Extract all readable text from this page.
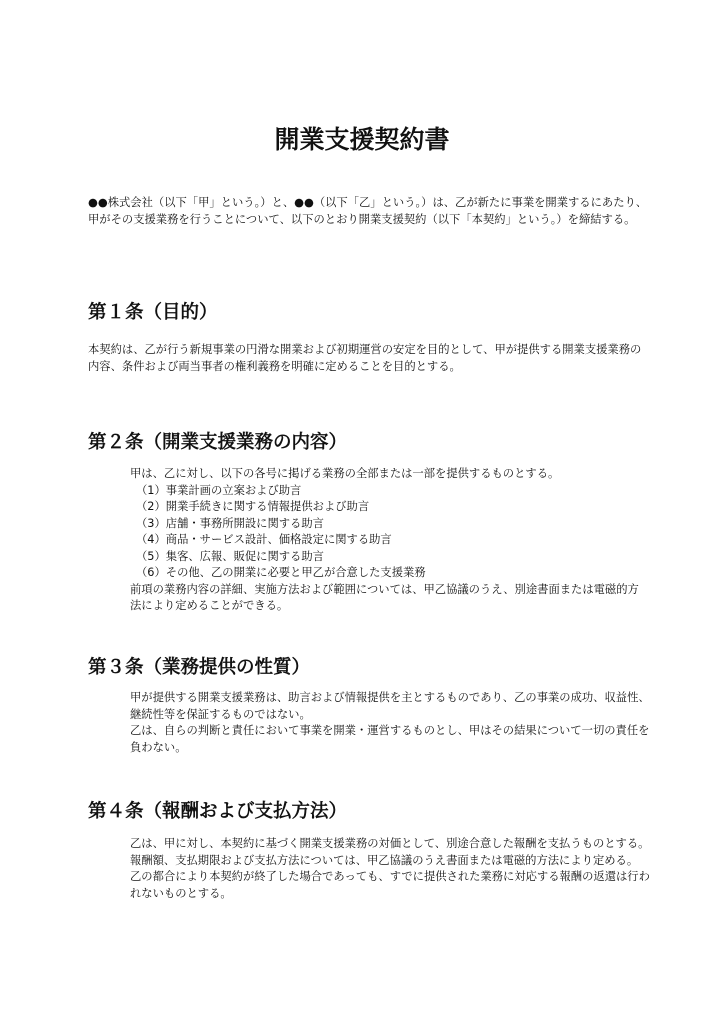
開業支援契約書
●●株式会社（以下「甲」という。）と、●●（以下「乙」という。）は、乙が新たに事業を開業するにあたり、甲がその支援業務を行うことについて、以下のとおり開業支援契約（以下「本契約」という。）を締結する。
第１条（目的）

本契約は、乙が行う新規事業の円滑な開業および初期運営の安定を目的として、甲が提供する開業支援業務の内容、条件および両当事者の権利義務を明確に定めることを目的とする。

第２条（開業支援業務の内容）

甲は、乙に対し、以下の各号に掲げる業務の全部または一部を提供するものとする。

（1）事業計画の立案および助言

（2）開業手続きに関する情報提供および助言

（3）店舗・事務所開設に関する助言

（4）商品・サービス設計、価格設定に関する助言

（5）集客、広報、販促に関する助言

（6）その他、乙の開業に必要と甲乙が合意した支援業務

前項の業務内容の詳細、実施方法および範囲については、甲乙協議のうえ、別途書面または電磁的方法により定めることができる。

第３条（業務提供の性質）

甲が提供する開業支援業務は、助言および情報提供を主とするものであり、乙の事業の成功、収益性、継続性等を保証するものではない。

乙は、自らの判断と責任において事業を開業・運営するものとし、甲はその結果について一切の責任を負わない。

第４条（報酬および支払方法）

乙は、甲に対し、本契約に基づく開業支援業務の対価として、別途合意した報酬を支払うものとする。

報酬額、支払期限および支払方法については、甲乙協議のうえ書面または電磁的方法により定める。

乙の都合により本契約が終了した場合であっても、すでに提供された業務に対応する報酬の返還は行われないものとする。
